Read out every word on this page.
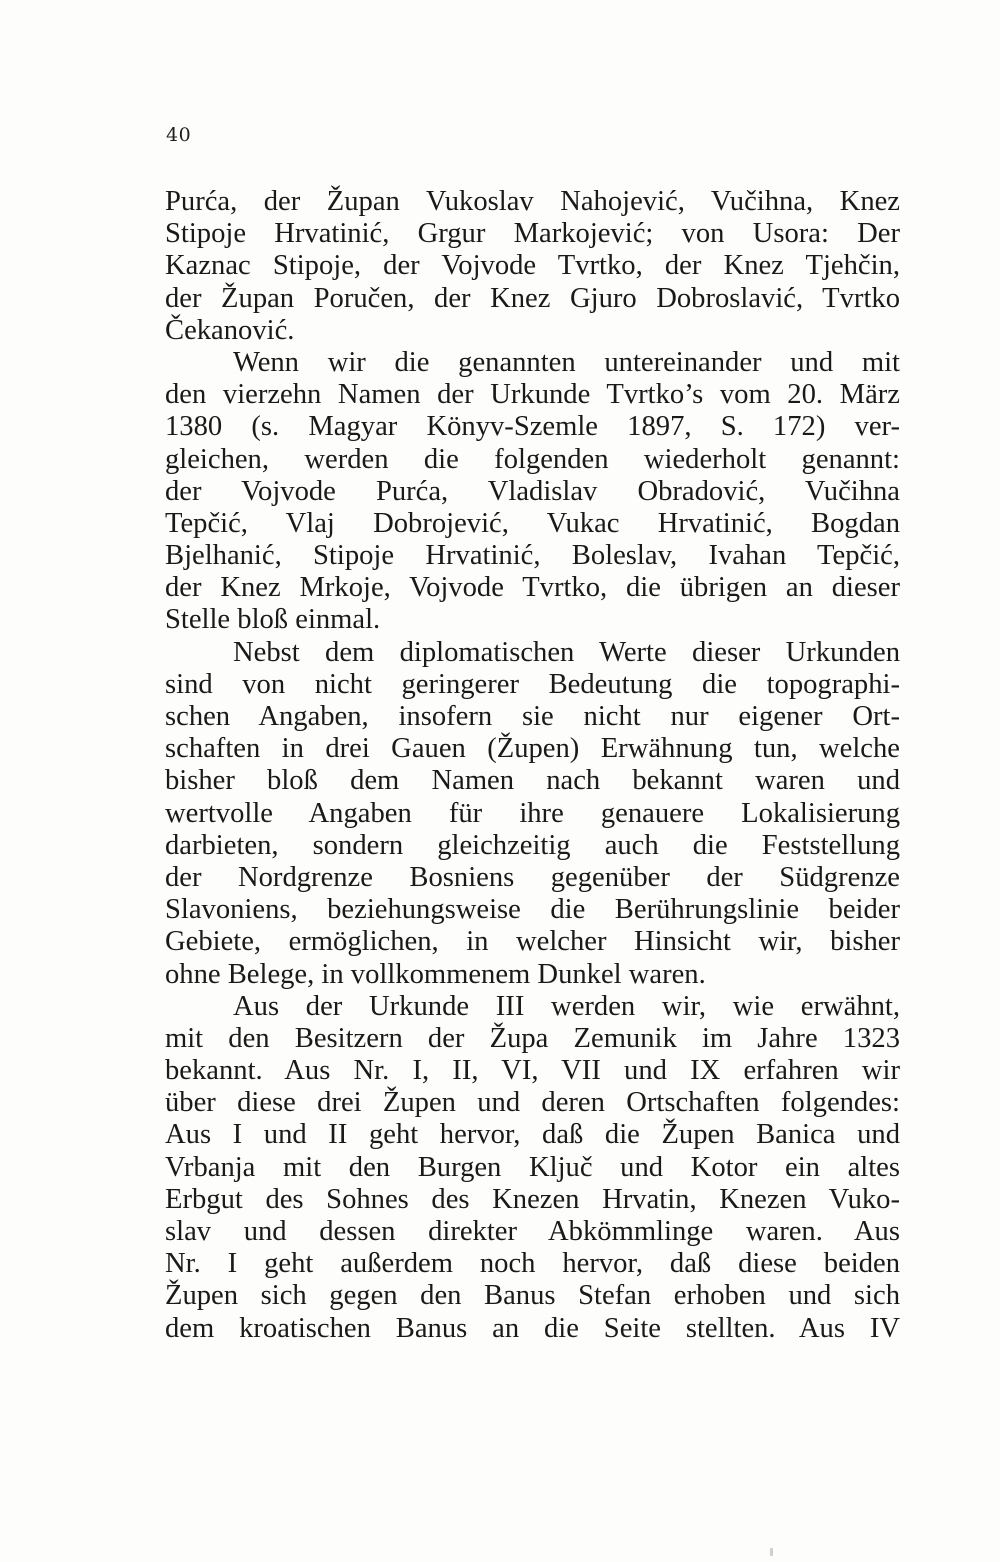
40
Purća, der Župan Vukoslav Nahojević, Vučihna, Knez
Stipoje Hrvatinić, Grgur Markojević; von Usora: Der
Kaznac Stipoje, der Vojvode Tvrtko, der Knez Tjehčin,
der Župan Poručen, der Knez Gjuro Dobroslavić, Tvrtko
Čekanović.
Wenn wir die genannten untereinander und mit
den vierzehn Namen der Urkunde Tvrtko’s vom 20. März
1380 (s. Magyar Könyv-Szemle 1897, S. 172) ver-
gleichen, werden die folgenden wiederholt genannt:
der Vojvode Purća, Vladislav Obradović, Vučihna
Tepčić, Vlaj Dobrojević, Vukac Hrvatinić, Bogdan
Bjelhanić, Stipoje Hrvatinić, Boleslav, Ivahan Tepčić,
der Knez Mrkoje, Vojvode Tvrtko, die übrigen an dieser
Stelle bloß einmal.
Nebst dem diplomatischen Werte dieser Urkunden
sind von nicht geringerer Bedeutung die topographi-
schen Angaben, insofern sie nicht nur eigener Ort-
schaften in drei Gauen (Župen) Erwähnung tun, welche
bisher bloß dem Namen nach bekannt waren und
wertvolle Angaben für ihre genauere Lokalisierung
darbieten, sondern gleichzeitig auch die Feststellung
der Nordgrenze Bosniens gegenüber der Südgrenze
Slavoniens, beziehungsweise die Berührungslinie beider
Gebiete, ermöglichen, in welcher Hinsicht wir, bisher
ohne Belege, in vollkommenem Dunkel waren.
Aus der Urkunde III werden wir, wie erwähnt,
mit den Besitzern der Župa Zemunik im Jahre 1323
bekannt. Aus Nr. I, II, VI, VII und IX erfahren wir
über diese drei Župen und deren Ortschaften folgendes:
Aus I und II geht hervor, daß die Župen Banica und
Vrbanja mit den Burgen Ključ und Kotor ein altes
Erbgut des Sohnes des Knezen Hrvatin, Knezen Vuko-
slav und dessen direkter Abkömmlinge waren. Aus
Nr. I geht außerdem noch hervor, daß diese beiden
Župen sich gegen den Banus Stefan erhoben und sich
dem kroatischen Banus an die Seite stellten. Aus IV
